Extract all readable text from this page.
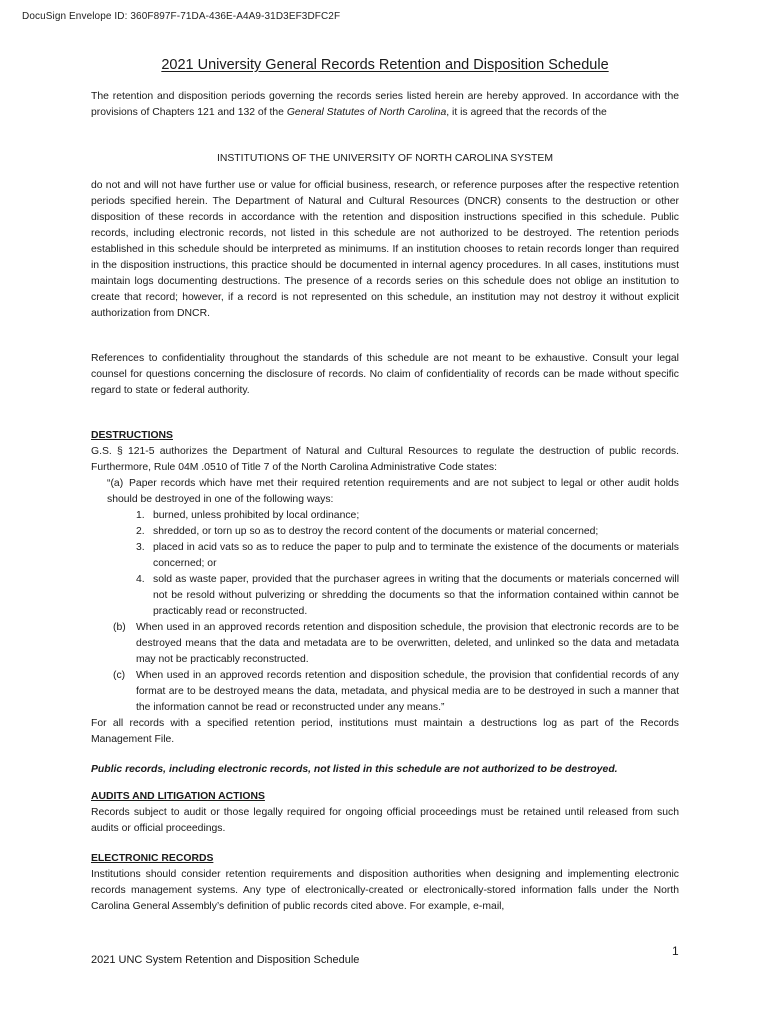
DocuSign Envelope ID: 360F897F-71DA-436E-A4A9-31D3EF3DFC2F
2021 University General Records Retention and Disposition Schedule

The retention and disposition periods governing the records series listed herein are hereby approved. In accordance with the provisions of Chapters 121 and 132 of the General Statutes of North Carolina, it is agreed that the records of the

INSTITUTIONS OF THE UNIVERSITY OF NORTH CAROLINA SYSTEM

do not and will not have further use or value for official business, research, or reference purposes after the respective retention periods specified herein. The Department of Natural and Cultural Resources (DNCR) consents to the destruction or other disposition of these records in accordance with the retention and disposition instructions specified in this schedule. Public records, including electronic records, not listed in this schedule are not authorized to be destroyed. The retention periods established in this schedule should be interpreted as minimums. If an institution chooses to retain records longer than required in the disposition instructions, this practice should be documented in internal agency procedures. In all cases, institutions must maintain logs documenting destructions. The presence of a records series on this schedule does not oblige an institution to create that record; however, if a record is not represented on this schedule, an institution may not destroy it without explicit authorization from DNCR.

References to confidentiality throughout the standards of this schedule are not meant to be exhaustive. Consult your legal counsel for questions concerning the disclosure of records. No claim of confidentiality of records can be made without specific regard to state or federal authority.

DESTRUCTIONS

G.S. § 121-5 authorizes the Department of Natural and Cultural Resources to regulate the destruction of public records. Furthermore, Rule 04M .0510 of Title 7 of the North Carolina Administrative Code states:

“(a) Paper records which have met their required retention requirements and are not subject to legal or other audit holds should be destroyed in one of the following ways:
1. burned, unless prohibited by local ordinance;
2. shredded, or torn up so as to destroy the record content of the documents or material concerned;
3. placed in acid vats so as to reduce the paper to pulp and to terminate the existence of the documents or materials concerned; or
4. sold as waste paper, provided that the purchaser agrees in writing that the documents or materials concerned will not be resold without pulverizing or shredding the documents so that the information contained within cannot be practicably read or reconstructed.
(b) When used in an approved records retention and disposition schedule, the provision that electronic records are to be destroyed means that the data and metadata are to be overwritten, deleted, and unlinked so the data and metadata may not be practicably reconstructed.
(c) When used in an approved records retention and disposition schedule, the provision that confidential records of any format are to be destroyed means the data, metadata, and physical media are to be destroyed in such a manner that the information cannot be read or reconstructed under any means.”

For all records with a specified retention period, institutions must maintain a destructions log as part of the Records Management File.

Public records, including electronic records, not listed in this schedule are not authorized to be destroyed.

AUDITS AND LITIGATION ACTIONS

Records subject to audit or those legally required for ongoing official proceedings must be retained until released from such audits or official proceedings.

ELECTRONIC RECORDS

Institutions should consider retention requirements and disposition authorities when designing and implementing electronic records management systems. Any type of electronically-created or electronically-stored information falls under the North Carolina General Assembly’s definition of public records cited above. For example, e-mail,

1
2021 UNC System Retention and Disposition Schedule
